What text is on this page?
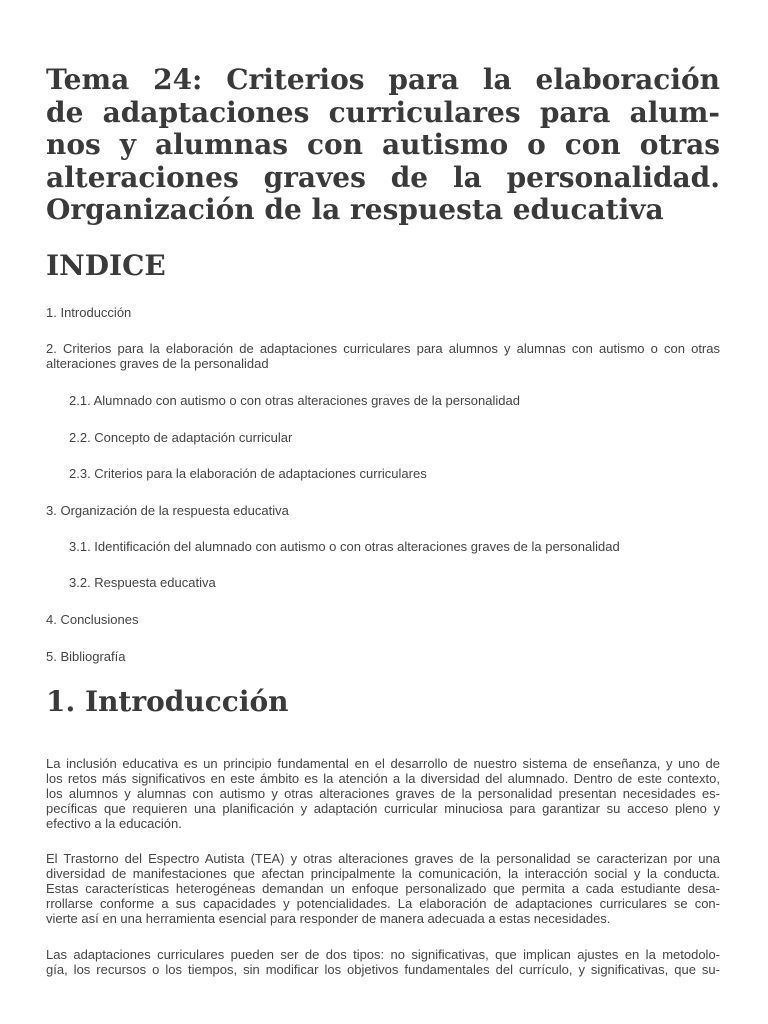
Tema 24: Criterios para la elaboración
de adaptaciones curriculares para alum-
nos y alumnas con autismo o con otras
alteraciones graves de la personalidad.
Organización de la respuesta educativa
INDICE
1. Introducción
2. Criterios para la elaboración de adaptaciones curriculares para alumnos y alumnas con autismo o con otras alteraciones graves de la personalidad
2.1. Alumnado con autismo o con otras alteraciones graves de la personalidad
2.2. Concepto de adaptación curricular
2.3. Criterios para la elaboración de adaptaciones curriculares
3. Organización de la respuesta educativa
3.1. Identificación del alumnado con autismo o con otras alteraciones graves de la personalidad
3.2. Respuesta educativa
4. Conclusiones
5. Bibliografía
1. Introducción

La inclusión educativa es un principio fundamental en el desarrollo de nuestro sistema de enseñanza, y uno de
los retos más significativos en este ámbito es la atención a la diversidad del alumnado. Dentro de este contexto,
los alumnos y alumnas con autismo y otras alteraciones graves de la personalidad presentan necesidades es-
pecíficas que requieren una planificación y adaptación curricular minuciosa para garantizar su acceso pleno y
efectivo a la educación.

El Trastorno del Espectro Autista (TEA) y otras alteraciones graves de la personalidad se caracterizan por una
diversidad de manifestaciones que afectan principalmente la comunicación, la interacción social y la conducta.
Estas características heterogéneas demandan un enfoque personalizado que permita a cada estudiante desa-
rrollarse conforme a sus capacidades y potencialidades. La elaboración de adaptaciones curriculares se con-
vierte así en una herramienta esencial para responder de manera adecuada a estas necesidades.

Las adaptaciones curriculares pueden ser de dos tipos: no significativas, que implican ajustes en la metodolo-
gía, los recursos o los tiempos, sin modificar los objetivos fundamentales del currículo, y significativas, que su-
